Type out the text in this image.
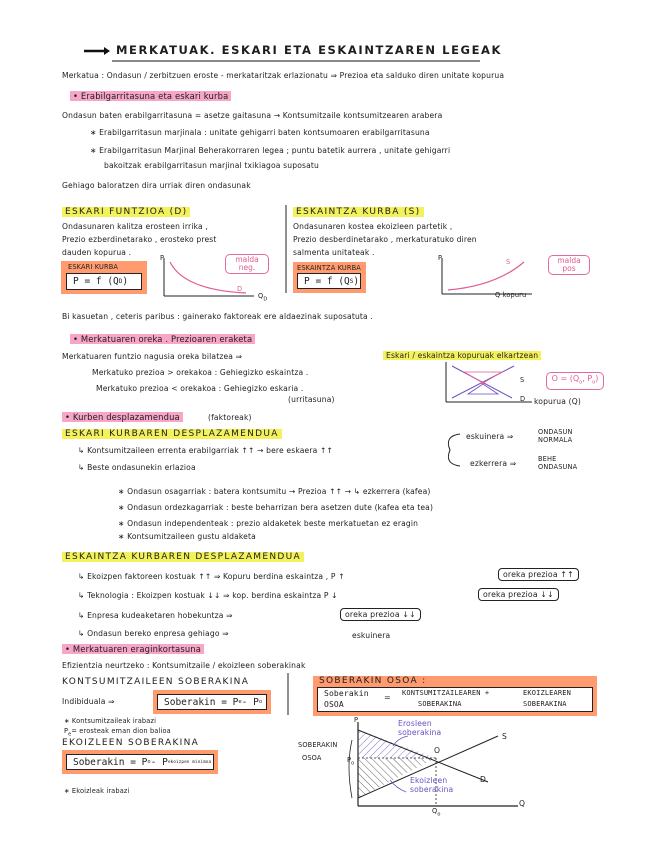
MERKATUAK. ESKARI ETA ESKAINTZAREN LEGEAK
Merkatua : Ondasun / zerbitzuen eroste - merkataritzak erlazionatu ⇒ Prezioa eta salduko diren unitate kopurua
• Erabilgarritasuna eta eskari kurba
Ondasun baten erabilgarritasuna = asetze gaitasuna → Kontsumitzaile kontsumitzearen arabera
∗ Erabilgarritasun marjinala : unitate gehigarri baten kontsumoaren erabilgarritasuna
∗ Erabilgarritasun Marjinal Beherakorraren legea ; puntu batetik aurrera , unitate gehigarri
bakoitzak erabilgarritasun marjinal txikiagoa suposatu
Gehiago baloratzen dira urriak diren ondasunak
ESKARI FUNTZIOA (D)
Ondasunaren kalitza erosteen irrika ,
Prezio ezberdinetarako , erosteko prest
dauden kopurua .
ESKARI KURBA
P = f (Q D )
P
D
$Q_D$
malda neg.
ESKAINTZA KURBA (S)
Ondasunaren kostea ekoizleen partetik ,
Prezio desberdinetarako , merkaturatuko diren
salmenta unitateak .
ESKAINTZA KURBA
P = f (Q S )
P	S
Q kopuru
malda pos
Bi kasuetan , ceteris paribus : gainerako faktoreak ere aldaezinak suposatuta .
• Merkatuaren oreka . Prezioaren eraketa
Merkatuaren funtzio nagusia oreka bilatzea ⇒	Eskari / eskaintza kopuruak elkartzean
Merkatuko prezioa > orekakoa : Gehiegizko eskaintza .
Merkatuko prezioa < orekakoa : Gehiegizko eskaria .
(urritasuna)
S
D kopurua (Q)
$O = (Q_o$, $P_o$)
• Kurben desplazamendua	(faktoreak)
ESKARI KURBAREN DESPLAZAMENDUA
↳ Kontsumitzaileen errenta erabilgarriak ↑↑ → bere eskaera ↑↑
↳ Beste ondasunekin erlazioa
eskuinera ⇒	ONDASUN NORMALA
ezkerrera ⇒	BEHE ONDASUNA
∗ Ondasun osagarriak : batera kontsumitu → Prezioa ↑↑ → ↳ ezkerrera (kafea)
∗ Ondasun ordezkagarriak : beste beharrizan bera asetzen dute (kafea eta tea)
∗ Ondasun independenteak : prezio aldaketek beste merkatuetan ez eragin
∗ Kontsumitzaileen gustu aldaketa
ESKAINTZA KURBAREN DESPLAZAMENDUA
↳ Ekoizpen faktoreen kostuak ↑↑ ⇒ Kopuru berdina eskaintza , P ↑	oreka prezioa ↑↑
↳ Teknologia : Ekoizpen kostuak ↓↓ ⇒ kop. berdina eskaintza P ↓	oreka prezioa ↓↓
↳ Enpresa kudeaketaren hobekuntza ⇒	oreka prezioa ↓↓
↳ Ondasun bereko enpresa gehiago ⇒	eskuinera
• Merkatuaren eraginkortasuna
Efizientzia neurtzeko : Kontsumitzaile / ekoizleen soberakinak
KONTSUMITZAILEEN SOBERAKINA
Indibiduala ⇒	Soberakin = P e - P o
∗ Kontsumitzaileak irabazi
$P_e=$ erosteak eman dion balioa
EKOIZLEEN SOBERAKINA
Soberakin = P o - P ekoizpen minimoa
∗ Ekoizleak irabazi
SOBERAKIN OSOA :
Soberakin
OSOA
= KONTSUMITZAILEAREN +
SOBERAKINA
EKOIZLEAREN
SOBERAKINA
P
$P_o$
SOBERAKIN
OSOA
Erosleen
soberakina
Ekoizleen
soberakina
S
O
D
Q
$Q_o$
